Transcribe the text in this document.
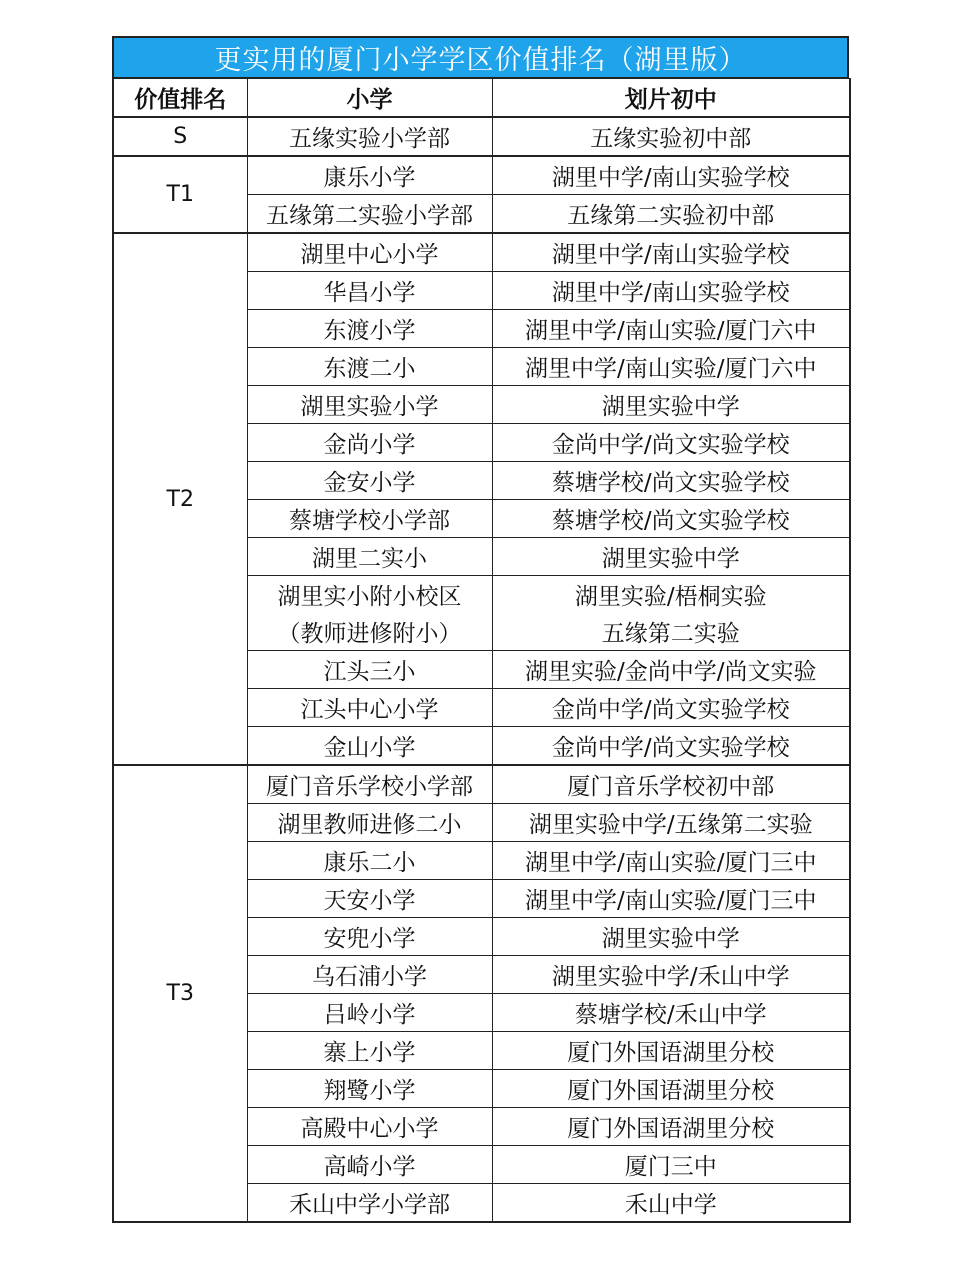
更实用的厦门小学学区价值排名（湖里版）
价值排名	小学	划片初中
S	五缘实验小学部	五缘实验初中部
T1	康乐小学	湖里中学/南山实验学校
	五缘第二实验小学部	五缘第二实验初中部
T2	湖里中心小学	湖里中学/南山实验学校
	华昌小学	湖里中学/南山实验学校
	东渡小学	湖里中学/南山实验/厦门六中
	东渡二小	湖里中学/南山实验/厦门六中
	湖里实验小学	湖里实验中学
	金尚小学	金尚中学/尚文实验学校
	金安小学	蔡塘学校/尚文实验学校
	蔡塘学校小学部	蔡塘学校/尚文实验学校
	湖里二实小	湖里实验中学
	湖里实小附小校区	湖里实验/梧桐实验
	（教师进修附小）	五缘第二实验
	江头三小	湖里实验/金尚中学/尚文实验
	江头中心小学	金尚中学/尚文实验学校
	金山小学	金尚中学/尚文实验学校
T3	厦门音乐学校小学部	厦门音乐学校初中部
	湖里教师进修二小	湖里实验中学/五缘第二实验
	康乐二小	湖里中学/南山实验/厦门三中
	天安小学	湖里中学/南山实验/厦门三中
	安兜小学	湖里实验中学
	乌石浦小学	湖里实验中学/禾山中学
	吕岭小学	蔡塘学校/禾山中学
	寨上小学	厦门外国语湖里分校
	翔鹭小学	厦门外国语湖里分校
	高殿中心小学	厦门外国语湖里分校
	高崎小学	厦门三中
	禾山中学小学部	禾山中学
